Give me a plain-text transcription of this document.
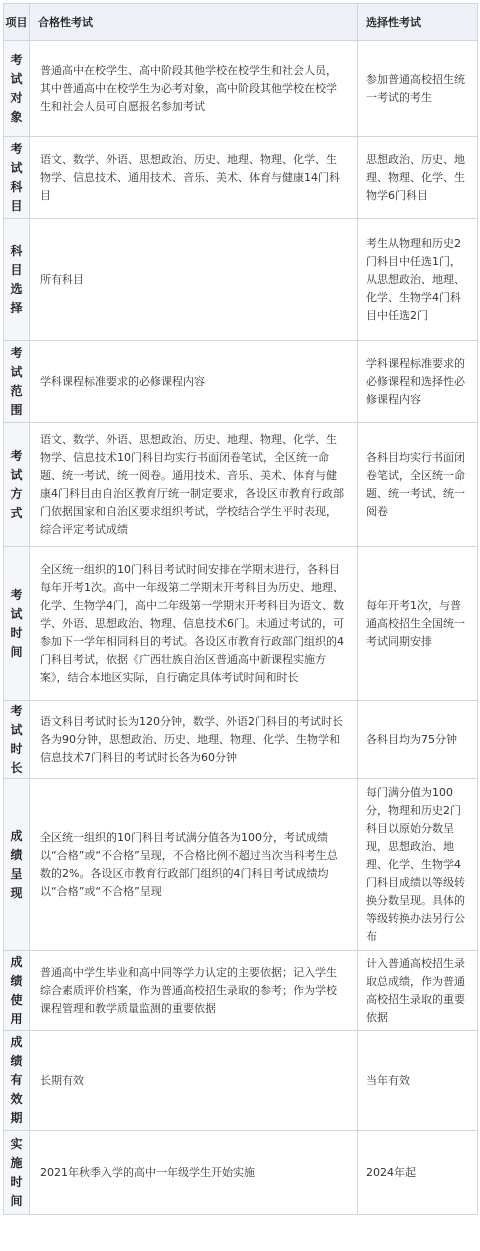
项目	合格性考试	选择性考试
考试对象	普通高中在校学生、高中阶段其他学校在校学生和社会人员，其中普通高中在校学生为必考对象，高中阶段其他学校在校学生和社会人员可自愿报名参加考试	参加普通高校招生统一考试的考生
考试科目	语文、数学、外语、思想政治、历史、地理、物理、化学、生物学、信息技术、通用技术、音乐、美术、体育与健康14门科目	思想政治、历史、地理、物理、化学、生物学6门科目
科目选择	所有科目	考生从物理和历史2门科目中任选1门，从思想政治、地理、化学、生物学4门科目中任选2门
考试范围	学科课程标准要求的必修课程内容	学科课程标准要求的必修课程和选择性必修课程内容
考试方式	语文、数学、外语、思想政治、历史、地理、物理、化学、生物学、信息技术10门科目均实行书面闭卷笔试，全区统一命题、统一考试、统一阅卷。通用技术、音乐、美术、体育与健康4门科目由自治区教育厅统一制定要求，各设区市教育行政部门依据国家和自治区要求组织考试，学校结合学生平时表现，综合评定考试成绩	各科目均实行书面闭卷笔试，全区统一命题、统一考试、统一阅卷
考试时间	全区统一组织的10门科目考试时间安排在学期末进行，各科目每年开考1次。高中一年级第二学期末开考科目为历史、地理、化学、生物学4门，高中二年级第一学期末开考科目为语文、数学、外语、思想政治、物理、信息技术6门。未通过考试的，可参加下一学年相同科目的考试。各设区市教育行政部门组织的4门科目考试，依据《广西壮族自治区普通高中新课程实施方案》，结合本地区实际，自行确定具体考试时间和时长	每年开考1次，与普通高校招生全国统一考试同期安排
考试时长	语文科目考试时长为120分钟，数学、外语2门科目的考试时长各为90分钟，思想政治、历史、地理、物理、化学、生物学和信息技术7门科目的考试时长各为60分钟	各科目均为75分钟
成绩呈现	全区统一组织的10门科目考试满分值各为100分，考试成绩以“合格”或“不合格”呈现，不合格比例不超过当次当科考生总数的2%。各设区市教育行政部门组织的4门科目考试成绩均以“合格”或“不合格”呈现	每门满分值为100分，物理和历史2门科目以原始分数呈现，思想政治、地理、化学、生物学4门科目成绩以等级转换分数呈现。具体的等级转换办法另行公布
成绩使用	普通高中学生毕业和高中同等学力认定的主要依据；记入学生综合素质评价档案，作为普通高校招生录取的参考；作为学校课程管理和教学质量监测的重要依据	计入普通高校招生录取总成绩，作为普通高校招生录取的重要依据
成绩有效期	长期有效	当年有效
实施时间	2021年秋季入学的高中一年级学生开始实施	2024年起
